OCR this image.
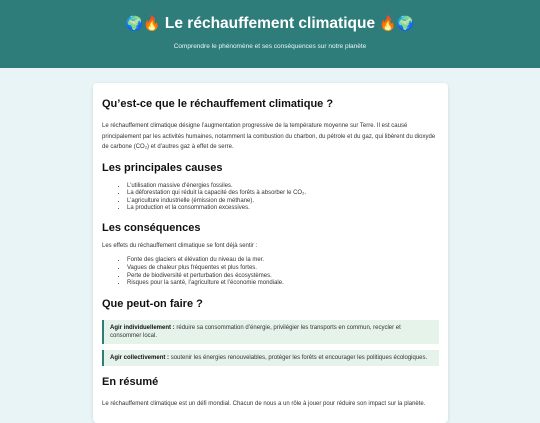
🌍🔥 Le réchauffement climatique 🔥🌍

Comprendre le phénomène et ses conséquences sur notre planète

Qu’est-ce que le réchauffement climatique ?

Le réchauffement climatique désigne l’augmentation progressive de la température moyenne sur Terre. Il est causé principalement par les activités humaines, notamment la combustion du charbon, du pétrole et du gaz, qui libèrent du dioxyde de carbone (CO₂) et d’autres gaz à effet de serre.

Les principales causes
• L’utilisation massive d’énergies fossiles.
• La déforestation qui réduit la capacité des forêts à absorber le CO₂.
• L’agriculture industrielle (émission de méthane).
• La production et la consommation excessives.
Les conséquences

Les effets du réchauffement climatique se font déjà sentir :

• Fonte des glaciers et élévation du niveau de la mer.
• Vagues de chaleur plus fréquentes et plus fortes.
• Perte de biodiversité et perturbation des écosystèmes.
• Risques pour la santé, l’agriculture et l’économie mondiale.
Que peut-on faire ?
Agir individuellement : réduire sa consommation d’énergie, privilégier les transports en commun, recycler et consommer local.
Agir collectivement : soutenir les énergies renouvelables, protéger les forêts et encourager les politiques écologiques.
En résumé

Le réchauffement climatique est un défi mondial. Chacun de nous a un rôle à jouer pour réduire son impact sur la planète.
